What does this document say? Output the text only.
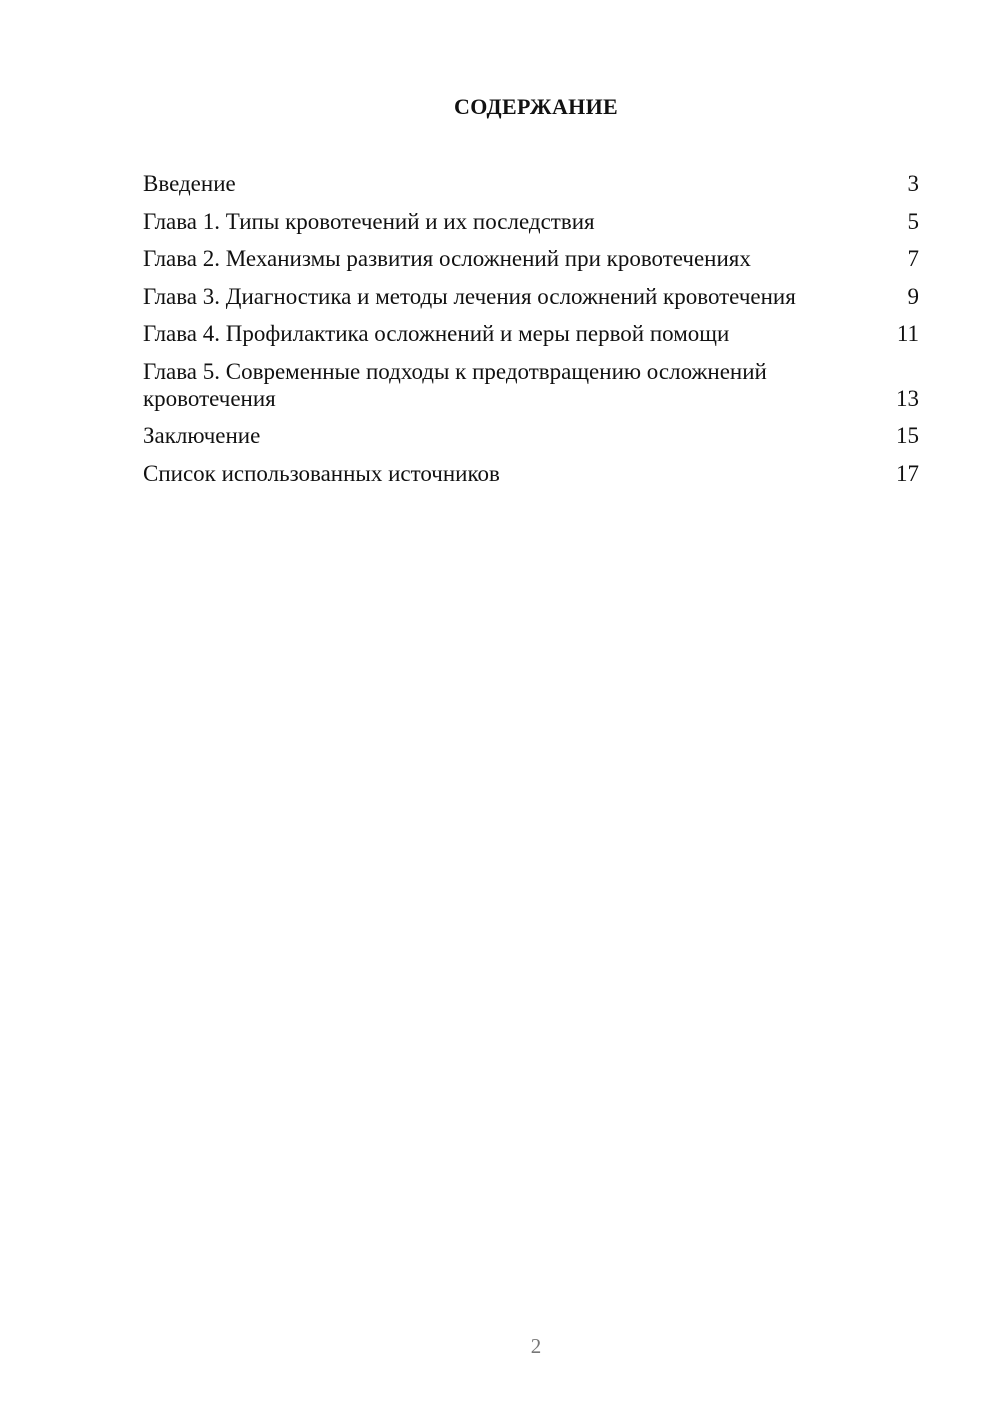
СОДЕРЖАНИЕ
Введение	3
Глава 1. Типы кровотечений и их последствия	5
Глава 2. Механизмы развития осложнений при кровотечениях	7
Глава 3. Диагностика и методы лечения осложнений кровотечения	9
Глава 4. Профилактика осложнений и меры первой помощи	11
Глава 5. Современные подходы к предотвращению осложнений кровотечения	13
Заключение	15
Список использованных источников	17
2
